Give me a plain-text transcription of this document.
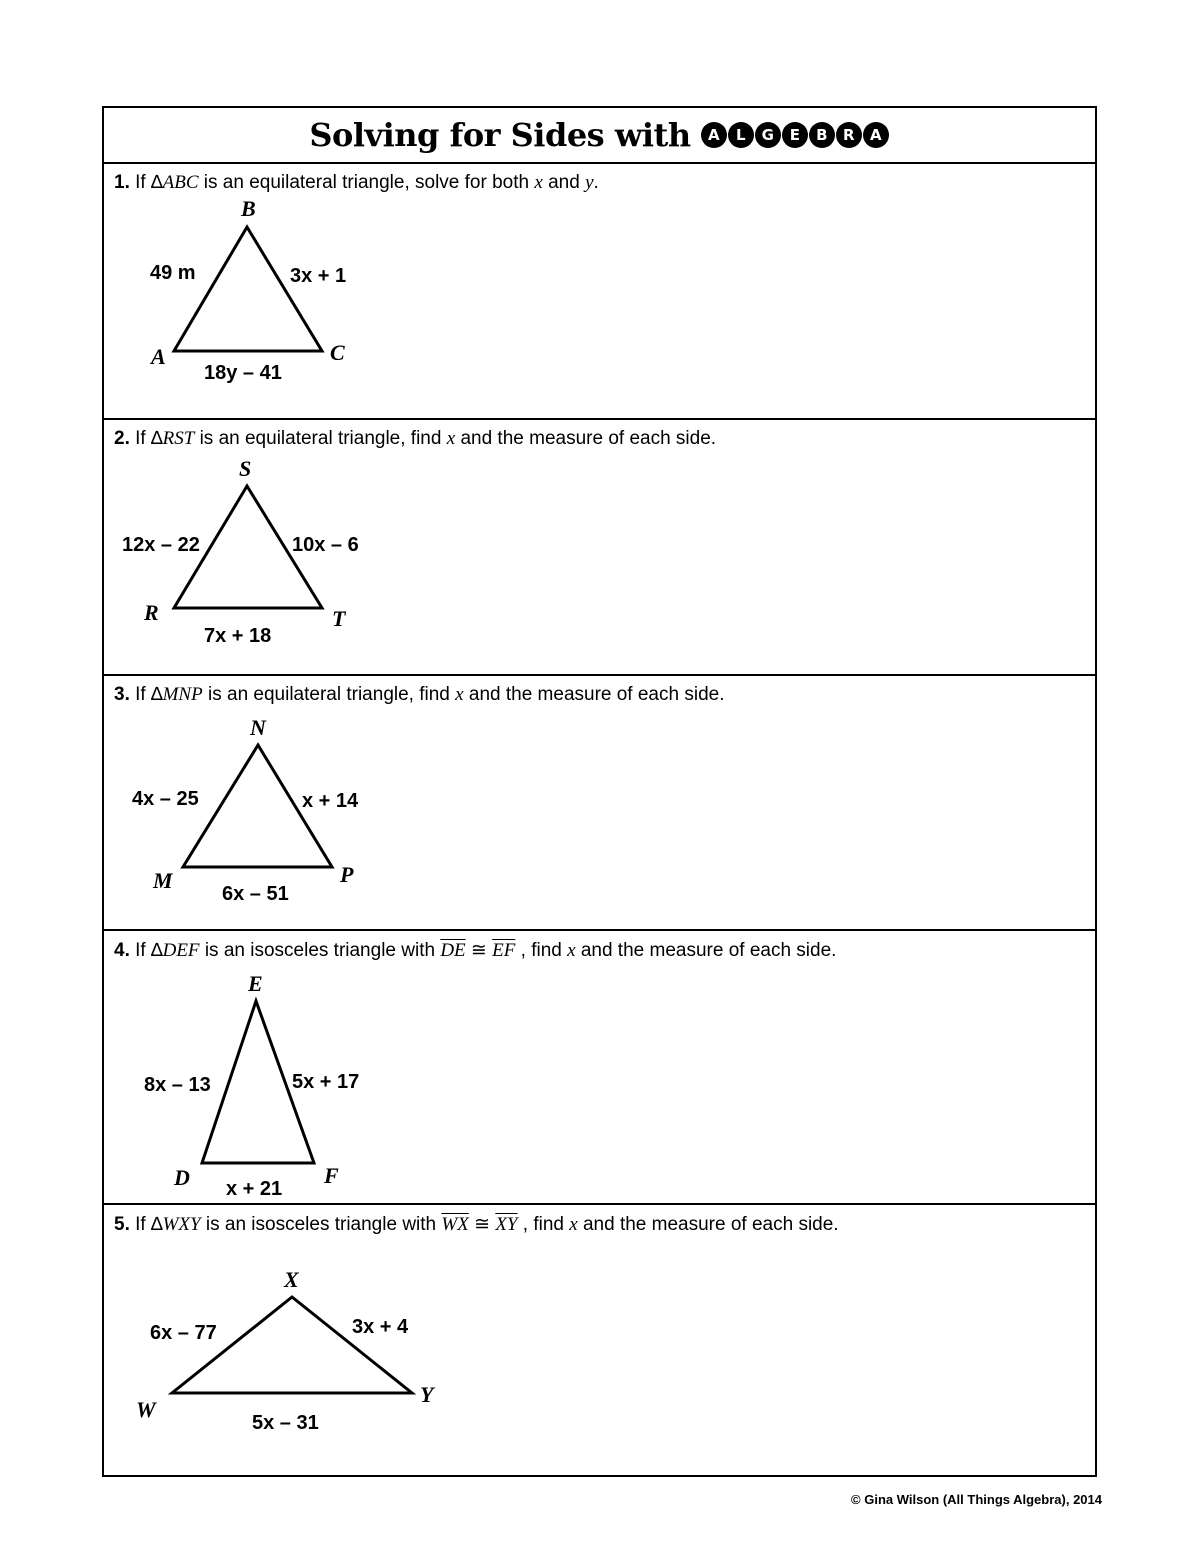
Solving for Sides with	A	L	G	E	B	R	A
1. If ∆ABC is an equilateral triangle, solve for both x and y.
B
A	C
49 m	3x + 1
18y – 41
2. If ∆RST is an equilateral triangle, find x and the measure of each side.
S
R	T
12x – 22	10x – 6
7x + 18
3. If ∆MNP is an equilateral triangle, find x and the measure of each side.
N
M	P
4x – 25	x + 14
6x – 51
4. If ∆DEF is an isosceles triangle with $\overline{DE}$ ≅ $\overline{EF}$ , find x and the measure of each side.
E
D	F
8x – 13	5x + 17
x + 21
5. If ∆WXY is an isosceles triangle with $\overline{WX}$ ≅ $\overline{XY}$ , find x and the measure of each side.
X
W
Y
6x – 77	3x + 4
5x – 31
© Gina Wilson (All Things Algebra), 2014
